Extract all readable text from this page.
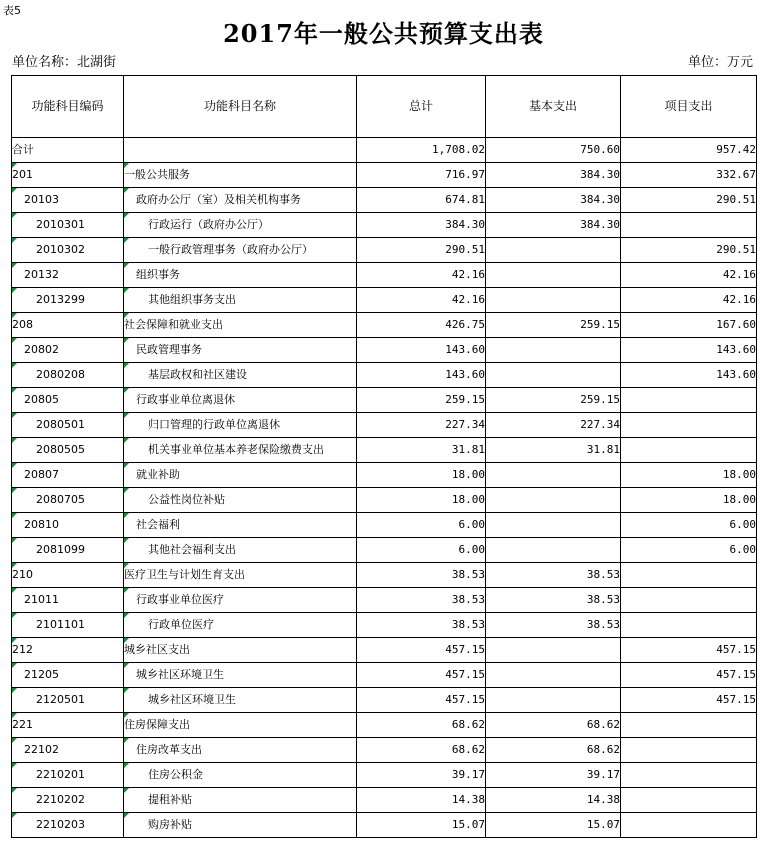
表5
2017年一般公共预算支出表
单位名称：北湖街	单位：万元
功能科目编码	功能科目名称	总计	基本支出	项目支出
合计		1,708.02	750.60	957.42
201	一般公共服务	716.97	384.30	332.67
20103	政府办公厅（室）及相关机构事务	674.81	384.30	290.51
2010301	行政运行（政府办公厅）	384.30	384.30	
2010302	一般行政管理事务（政府办公厅）	290.51		290.51
20132	组织事务	42.16		42.16
2013299	其他组织事务支出	42.16		42.16
208	社会保障和就业支出	426.75	259.15	167.60
20802	民政管理事务	143.60		143.60
2080208	基层政权和社区建设	143.60		143.60
20805	行政事业单位离退休	259.15	259.15	
2080501	归口管理的行政单位离退休	227.34	227.34	
2080505	机关事业单位基本养老保险缴费支出	31.81	31.81	
20807	就业补助	18.00		18.00
2080705	公益性岗位补贴	18.00		18.00
20810	社会福利	6.00		6.00
2081099	其他社会福利支出	6.00		6.00
210	医疗卫生与计划生育支出	38.53	38.53	
21011	行政事业单位医疗	38.53	38.53	
2101101	行政单位医疗	38.53	38.53	
212	城乡社区支出	457.15		457.15
21205	城乡社区环境卫生	457.15		457.15
2120501	城乡社区环境卫生	457.15		457.15
221	住房保障支出	68.62	68.62	
22102	住房改革支出	68.62	68.62	
2210201	住房公积金	39.17	39.17	
2210202	提租补贴	14.38	14.38	
2210203	购房补贴	15.07	15.07	
